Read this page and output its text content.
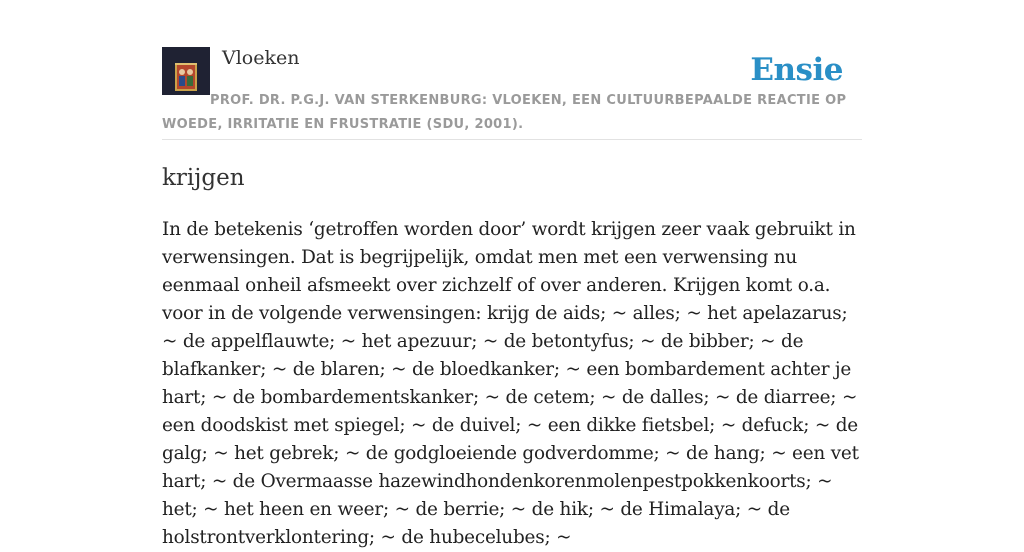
Vloeken	Ensie
PROF. DR. P.G.J. VAN STERKENBURG: VLOEKEN, EEN CULTUURBEPAALDE REACTIE OP WOEDE, IRRITATIE EN FRUSTRATIE (SDU, 2001).
krijgen

In de betekenis ‘getroffen worden door’ wordt krijgen zeer vaak gebruikt in verwensingen. Dat is begrijpelijk, omdat men met een verwensing nu eenmaal onheil afsmeekt over zichzelf of over anderen. Krijgen komt o.a. voor in de volgende verwensingen: krijg de aids; ~ alles; ~ het apelazarus; ~ de appelflauwte; ~ het apezuur; ~ de betontyfus; ~ de bibber; ~ de blafkanker; ~ de blaren; ~ de bloedkanker; ~ een bombardement achter je hart; ~ de bombardementskanker; ~ de cetem; ~ de dalles; ~ de diarree; ~ een doodskist met spiegel; ~ de duivel; ~ een dikke fietsbel; ~ defuck; ~ de galg; ~ het gebrek; ~ de godgloeiende godverdomme; ~ de hang; ~ een vet hart; ~ de Overmaasse hazewindhondenkorenmolenpestpokkenkoorts; ~ het; ~ het heen en weer; ~ de berrie; ~ de hik; ~ de Himalaya; ~ de holstrontverklontering; ~ de hubecelubes; ~
